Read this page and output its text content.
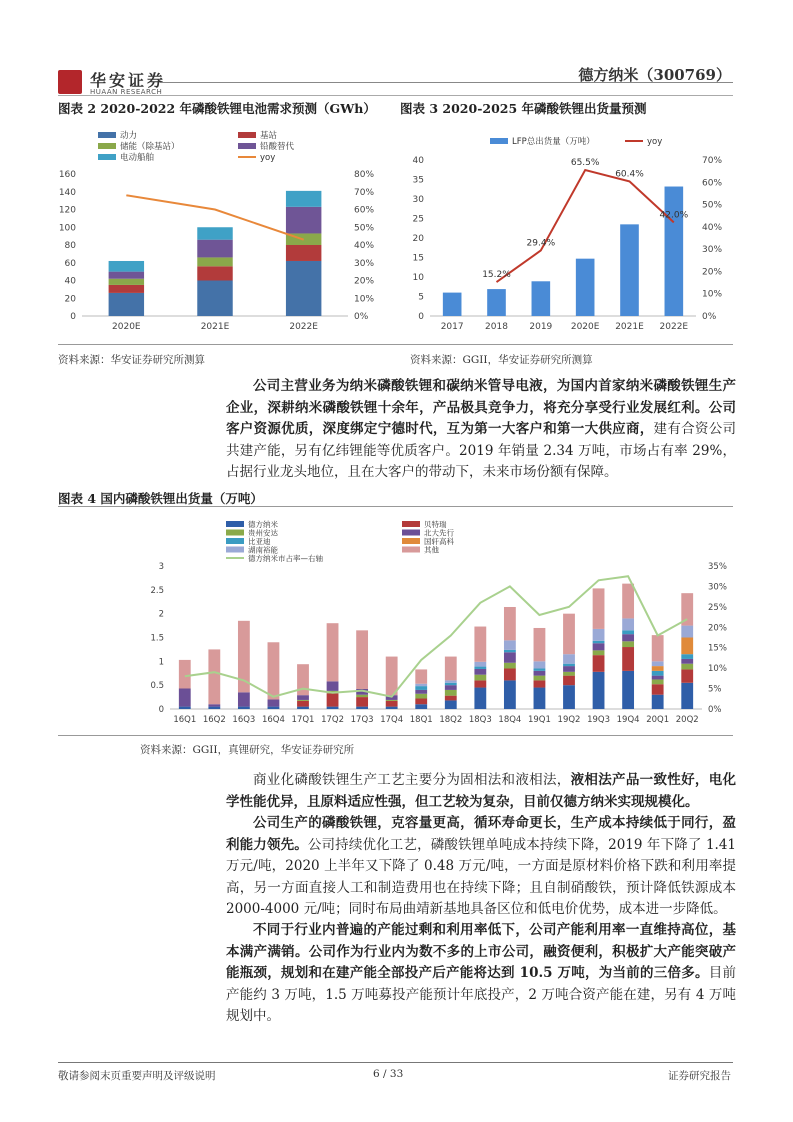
华安证券
HUAAN RESEARCH
德方纳米（300769）
图表 2 2020-2022 年磷酸铁锂电池需求预测（GWh） 图表 3 2020-2025 年磷酸铁锂出货量预测
动力	基站
储能（除基站）	铅酸替代
电动船舶	yoy
0
20
40
60
80
100
120
140
160
0%
10%
20%
30%
40%
50%
60%
70%
80%
2020E	2021E	2022E
LFP总出货量（万吨）	yoy
0
5
10
15
20
25
30
35
40
0%
10%
20%
30%
40%
50%
60%
70%
2017 2018 2019 2020E 2021E 2022E
15.2%
29.4%
65.5%
60.4%
42.0%
资料来源：华安证券研究所测算	资料来源：GGII，华安证券研究所测算

公司主营业务为纳米磷酸铁锂和碳纳米管导电液，为国内首家纳米磷酸铁锂生产企业，深耕纳米磷酸铁锂十余年，产品极具竞争力，将充分享受行业发展红利。公司客户资源优质，深度绑定宁德时代，互为第一大客户和第一大供应商，建有合资公司共建产能，另有亿纬锂能等优质客户。2019 年销量 2.34 万吨，市场占有率 29%，占据行业龙头地位，且在大客户的带动下，未来市场份额有保障。

图表 4 国内磷酸铁锂出货量（万吨）
德方纳米	贝特瑞
贵州安达	北大先行
比亚迪	国轩高科
湖南裕能	其他
德方纳米市占率—右轴
0
0.5
1
1.5
2
2.5
3
0%
5%
10%
15%
20%
25%
30%
35%
16Q1 16Q2 16Q3 16Q4 17Q1 17Q2 17Q3 17Q4 18Q1 18Q2 18Q3 18Q4 19Q1 19Q2 19Q3 19Q4 20Q1 20Q2
资料来源：GGII，真锂研究，华安证券研究所

商业化磷酸铁锂生产工艺主要分为固相法和液相法，液相法产品一致性好，电化学性能优异，且原料适应性强，但工艺较为复杂，目前仅德方纳米实现规模化。

公司生产的磷酸铁锂，克容量更高，循环寿命更长，生产成本持续低于同行，盈利能力领先。公司持续优化工艺，磷酸铁锂单吨成本持续下降，2019 年下降了 1.41 万元/吨，2020 上半年又下降了 0.48 万元/吨，一方面是原材料价格下跌和利用率提高，另一方面直接人工和制造费用也在持续下降；且自制硝酸铁，预计降低铁源成本 2000-4000 元/吨；同时布局曲靖新基地具备区位和低电价优势，成本进一步降低。

不同于行业内普遍的产能过剩和利用率低下，公司产能利用率一直维持高位，基本满产满销。公司作为行业内为数不多的上市公司，融资便利，积极扩大产能突破产能瓶颈，规划和在建产能全部投产后产能将达到 10.5 万吨，为当前的三倍多。目前产能约 3 万吨，1.5 万吨募投产能预计年底投产，2 万吨合资产能在建，另有 4 万吨规划中。

敬请参阅末页重要声明及评级说明	6 / 33	证券研究报告
